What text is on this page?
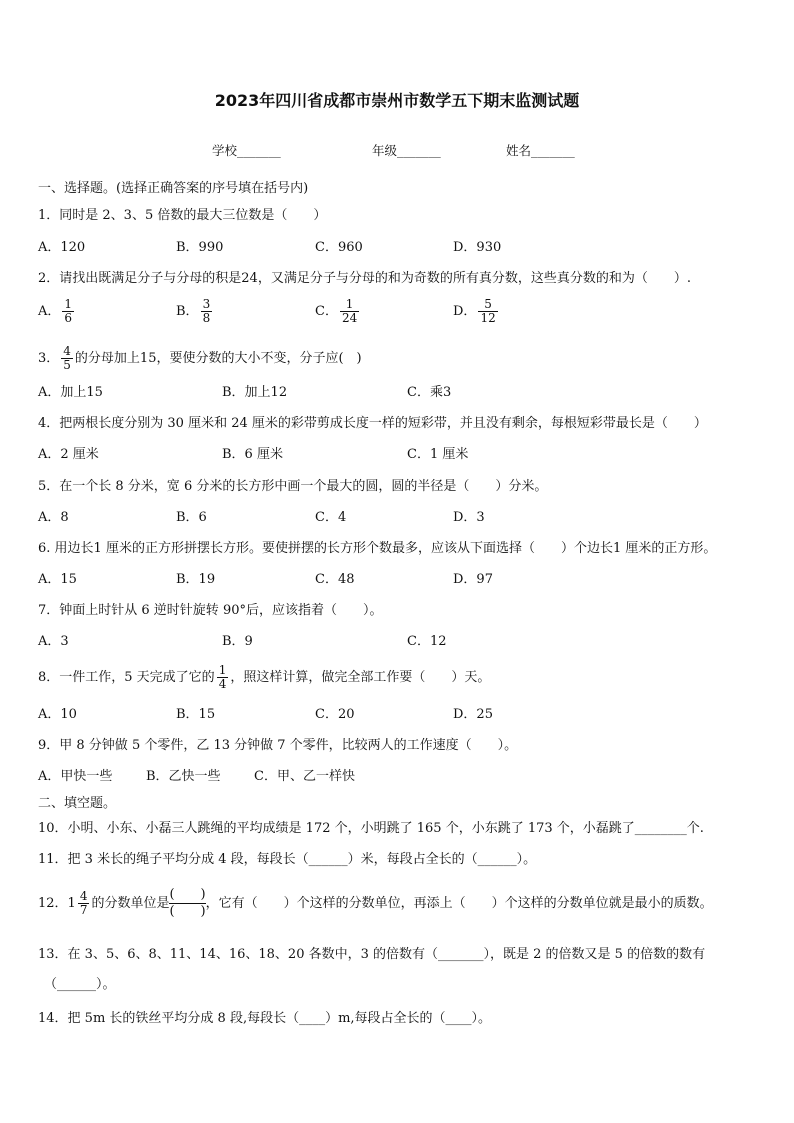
2023年四川省成都市崇州市数学五下期末监测试题
学校_______	年级_______	姓名_______
一、选择题。(选择正确答案的序号填在括号内)
1．同时是 2、3、5 倍数的最大三位数是（　　）
A．120	B．990	C．960	D．930
2．请找出既满足分子与分母的积是24，又满足分子与分母的和为奇数的所有真分数，这些真分数的和为（　　）.
A． $\frac{1}{6}$	B． $\frac{3}{8}$	C． $\frac{1}{24}$	D． $\frac{5}{12}$
3． $\frac{4}{5}$ 的分母加上15，要使分数的大小不变，分子应(　)
A．加上15	B．加上12	C．乘3
4．把两根长度分别为 30 厘米和 24 厘米的彩带剪成长度一样的短彩带，并且没有剩余，每根短彩带最长是（　　）
A．2 厘米	B．6 厘米	C．1 厘米
5．在一个长 8 分米，宽 6 分米的长方形中画一个最大的圆，圆的半径是（　　）分米。
A．8	B．6	C．4	D．3
6. 用边长1 厘米的正方形拼摆长方形。要使拼摆的长方形个数最多，应该从下面选择（　　）个边长1 厘米的正方形。
A．15	B．19	C．48	D．97
7．钟面上时针从 6 逆时针旋转 90°后，应该指着（　　）。
A．3	B．9	C．12
8．一件工作，5 天完成了它的 $\frac{1}{4}$ ，照这样计算，做完全部工作要（　　）天。
A．10	B．15	C．20	D．25
9．甲 8 分钟做 5 个零件，乙 13 分钟做 7 个零件，比较两人的工作速度（　　）。
A．甲快一些	B．乙快一些	C．甲、乙一样快
二、填空题。
10．小明、小东、小磊三人跳绳的平均成绩是 172 个，小明跳了 165 个，小东跳了 173 个，小磊跳了________个.
11．把 3 米长的绳子平均分成 4 段，每段长（______）米，每段占全长的（______）。
12．$1 \frac{4}{7}$ 的分数单位是 $\frac{( )}{( )}$，它有（　　）个这样的分数单位，再添上（　　）个这样的分数单位就是最小的质数。
13．在 3、5、6、8、11、14、16、18、20 各数中，3 的倍数有（_______），既是 2 的倍数又是 5 的倍数的数有
（______）。
14．把 5m 长的铁丝平均分成 8 段,每段长（____）m,每段占全长的（____）。
